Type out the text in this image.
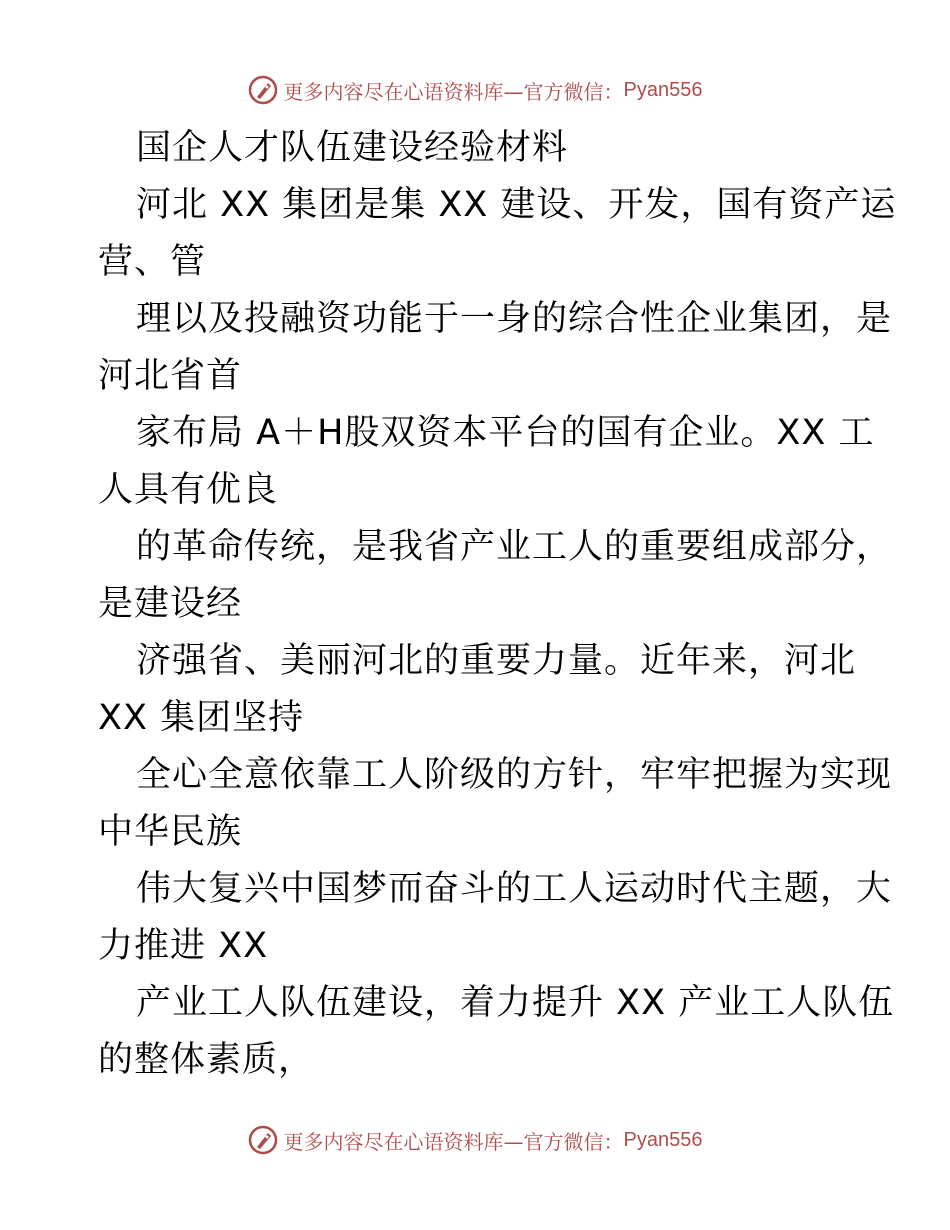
更多内容尽在心语资料库—官方微信： Pyan556
国企人才队伍建设经验材料
河北 XX 集团是集 XX 建设、开发，国有资产运
营、管
理以及投融资功能于一身的综合性企业集团，是
河北省首
家布局 A＋H股双资本平台的国有企业。XX 工
人具有优良
的革命传统，是我省产业工人的重要组成部分，
是建设经
济强省、美丽河北的重要力量。近年来，河北
XX 集团坚持
全心全意依靠工人阶级的方针，牢牢把握为实现
中华民族
伟大复兴中国梦而奋斗的工人运动时代主题，大
力推进 XX
产业工人队伍建设，着力提升 XX 产业工人队伍
的整体素质，
更多内容尽在心语资料库—官方微信： Pyan556
